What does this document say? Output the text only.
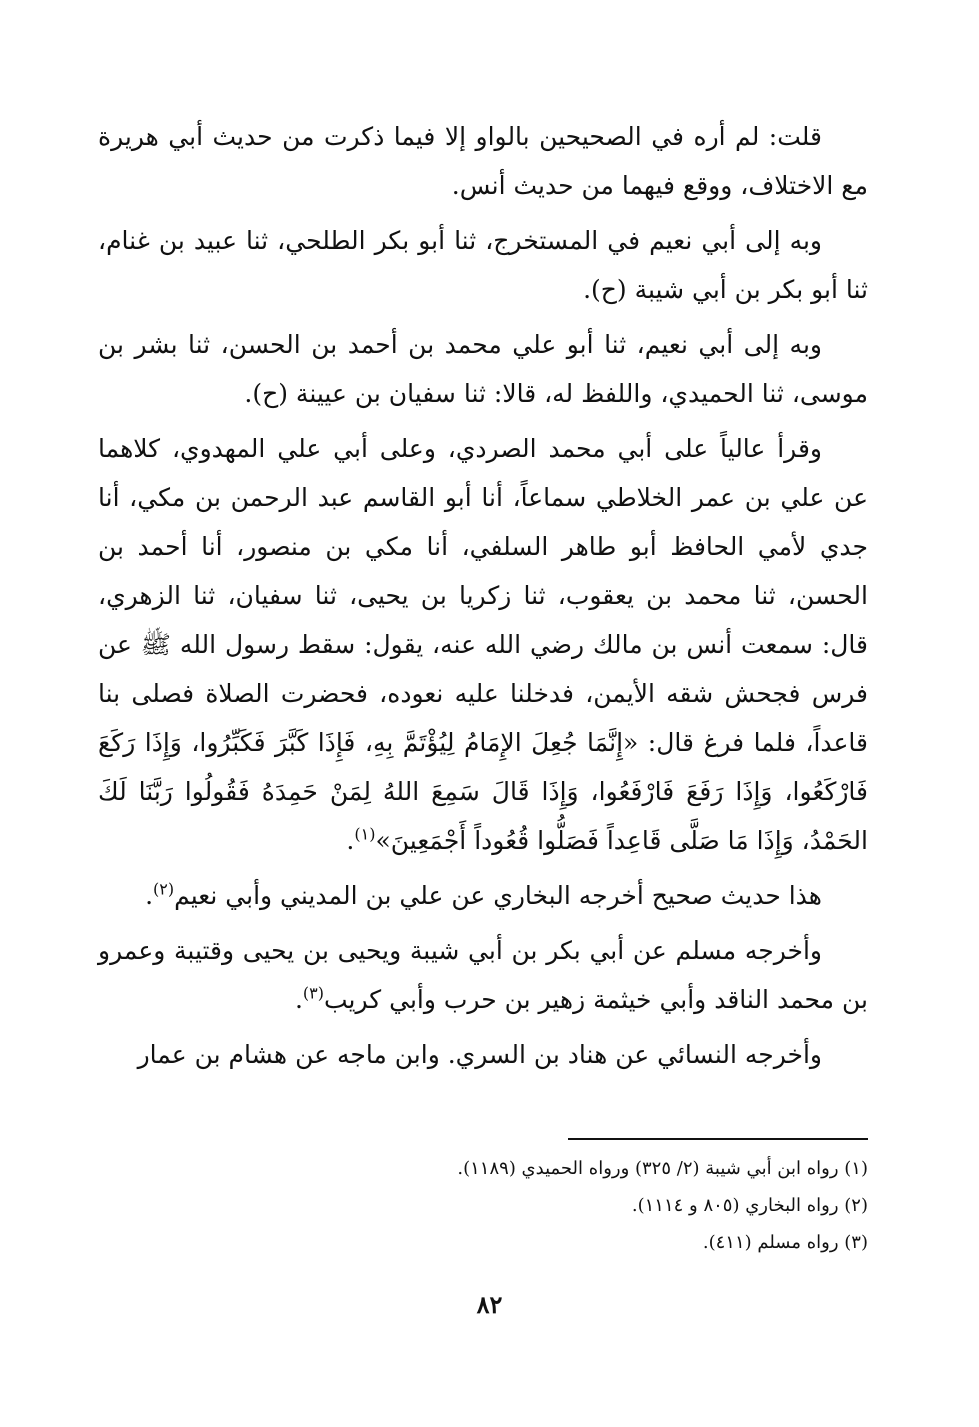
قلت: لم أره في الصحيحين بالواو إلا فيما ذكرت من حديث أبي هريرة مع الاختلاف، ووقع فيهما من حديث أنس.

وبه إلى أبي نعيم في المستخرج، ثنا أبو بكر الطلحي، ثنا عبيد بن غنام، ثنا أبو بكر بن أبي شيبة (ح).

وبه إلى أبي نعيم، ثنا أبو علي محمد بن أحمد بن الحسن، ثنا بشر بن موسى، ثنا الحميدي، واللفظ له، قالا: ثنا سفيان بن عيينة (ح).

وقرأ عالياً على أبي محمد الصردي، وعلى أبي علي المهدوي، كلاهما عن علي بن عمر الخلاطي سماعاً، أنا أبو القاسم عبد الرحمن بن مكي، أنا جدي لأمي الحافظ أبو طاهر السلفي، أنا مكي بن منصور، أنا أحمد بن الحسن، ثنا محمد بن يعقوب، ثنا زكريا بن يحيى، ثنا سفيان، ثنا الزهري، قال: سمعت أنس بن مالك رضي الله عنه، يقول: سقط رسول الله ﷺ عن فرس فجحش شقه الأيمن، فدخلنا عليه نعوده، فحضرت الصلاة فصلى بنا قاعداً، فلما فرغ قال: «إِنَّمَا جُعِلَ الإِمَامُ لِيُؤْتَمَّ بِهِ، فَإِذَا كَبَّرَ فَكَبِّرُوا، وَإِذَا رَكَعَ فَارْكَعُوا، وَإِذَا رَفَعَ فَارْفَعُوا، وَإِذَا قَالَ سَمِعَ اللهُ لِمَنْ حَمِدَهُ فَقُولُوا رَبَّنَا لَكَ الحَمْدُ، وَإِذَا مَا صَلَّى قَاعِداً فَصَلُّوا قُعُوداً أَجْمَعِينَ»$^{(١)}$.

هذا حديث صحيح أخرجه البخاري عن علي بن المديني وأبي نعيم$^{(٢)}$.

وأخرجه مسلم عن أبي بكر بن أبي شيبة ويحيى بن يحيى وقتيبة وعمرو بن محمد الناقد وأبي خيثمة زهير بن حرب وأبي كريب$^{(٣)}$.

وأخرجه النسائي عن هناد بن السري. وابن ماجه عن هشام بن عمار

(١) رواه ابن أبي شيبة (٢/ ٣٢٥) ورواه الحميدي (١١٨٩).

(٢) رواه البخاري (٨٠٥ و ١١١٤).

(٣) رواه مسلم (٤١١).

٨٢
